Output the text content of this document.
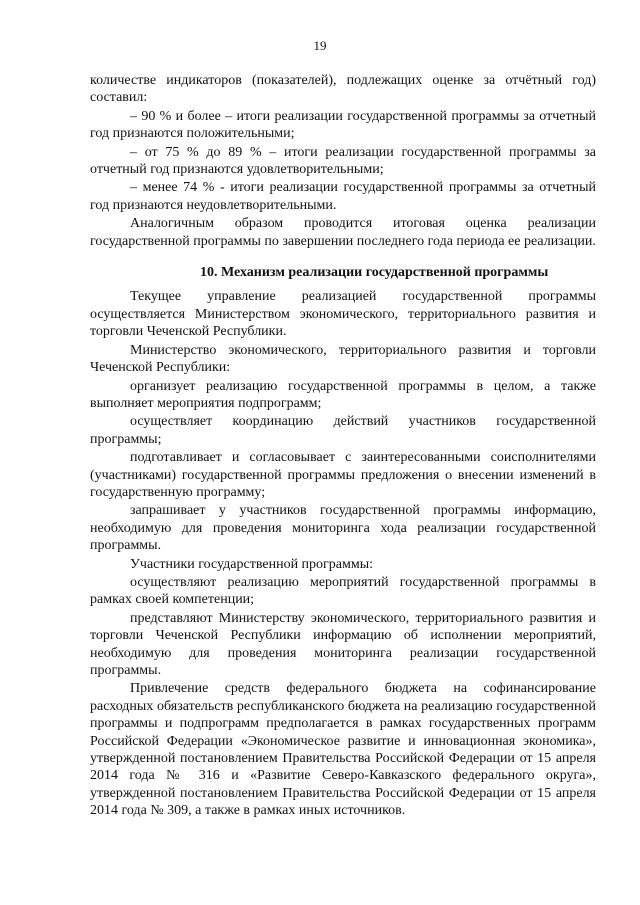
19

количестве индикаторов (показателей), подлежащих оценке за отчётный год) составил:

– 90 % и более – итоги реализации государственной программы за отчетный год признаются положительными;

– от 75 % до 89 % – итоги реализации государственной программы за отчетный год признаются удовлетворительными;

– менее 74 % - итоги реализации государственной программы за отчетный год признаются неудовлетворительными.

Аналогичным образом проводится итоговая оценка реализации государственной программы по завершении последнего года периода ее реализации.

10. Механизм реализации государственной программы

Текущее управление реализацией государственной программы осуществляется Министерством экономического, территориального развития и торговли Чеченской Республики.

Министерство экономического, территориального развития и торговли Чеченской Республики:

организует реализацию государственной программы в целом, а также выполняет мероприятия подпрограмм;

осуществляет координацию действий участников государственной программы;

подготавливает и согласовывает с заинтересованными соисполнителями (участниками) государственной программы предложения о внесении изменений в государственную программу;

запрашивает у участников государственной программы информацию, необходимую для проведения мониторинга хода реализации государственной программы.

Участники государственной программы:

осуществляют реализацию мероприятий государственной программы в рамках своей компетенции;

представляют Министерству экономического, территориального развития и торговли Чеченской Республики информацию об исполнении мероприятий, необходимую для проведения мониторинга реализации государственной программы.

Привлечение средств федерального бюджета на софинансирование расходных обязательств республиканского бюджета на реализацию государственной программы и подпрограмм предполагается в рамках государственных программ Российской Федерации «Экономическое развитие и инновационная экономика», утвержденной постановлением Правительства Российской Федерации от 15 апреля 2014 года № 316 и «Развитие Северо-Кавказского федерального округа», утвержденной постановлением Правительства Российской Федерации от 15 апреля 2014 года № 309, а также в рамках иных источников.
